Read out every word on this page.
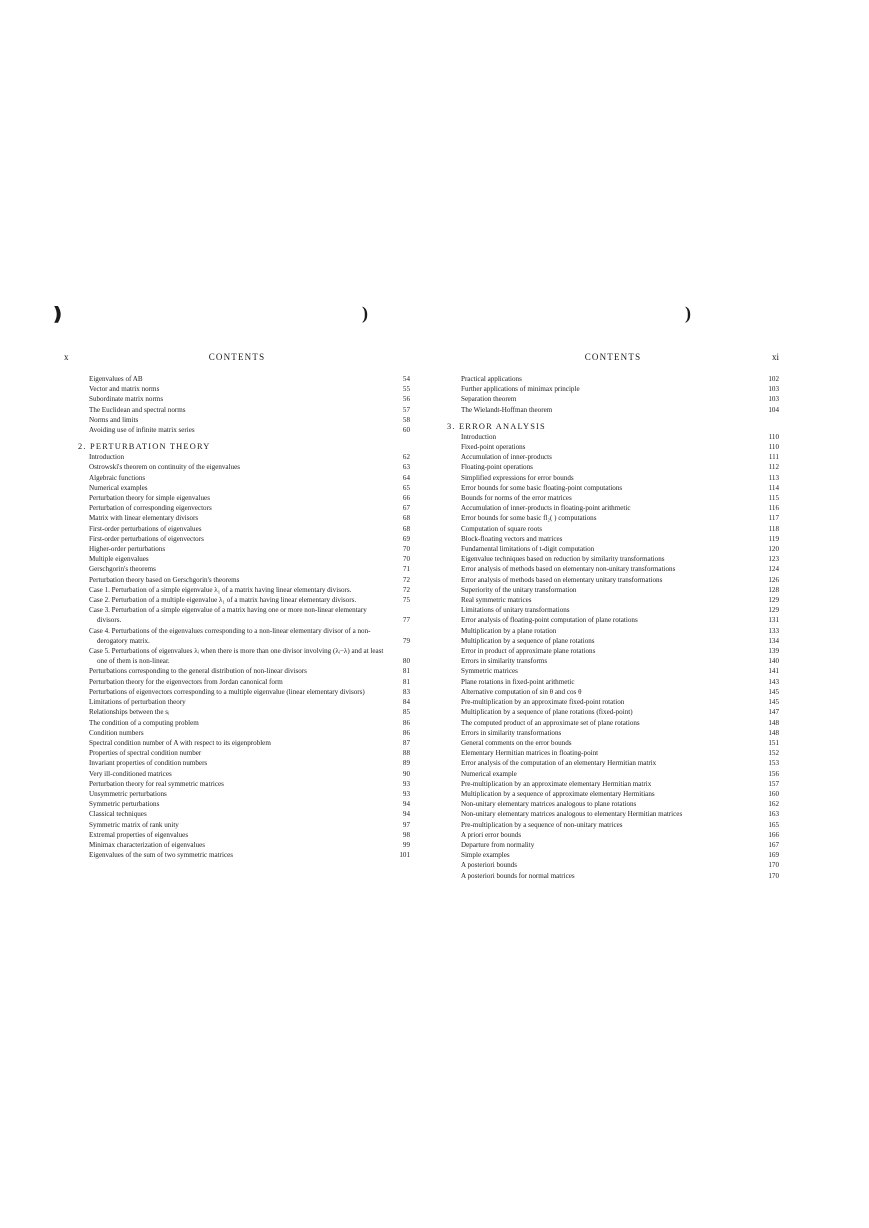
❫	)	)
x	CONTENTS
Eigenvalues of AB	54
Vector and matrix norms	55
Subordinate matrix norms	56
The Euclidean and spectral norms	57
Norms and limits	58
Avoiding use of infinite matrix series	60
2. PERTURBATION THEORY
Introduction	62
Ostrowski's theorem on continuity of the eigenvalues	63
Algebraic functions	64
Numerical examples	65
Perturbation theory for simple eigenvalues	66
Perturbation of corresponding eigenvectors	67
Matrix with linear elementary divisors	68
First-order perturbations of eigenvalues	68
First-order perturbations of eigenvectors	69
Higher-order perturbations	70
Multiple eigenvalues	70
Gerschgorin's theorems	71
Perturbation theory based on Gerschgorin's theorems	72
Case 1. Perturbation of a simple eigenvalue λ₁ of a matrix having linear elementary divisors.	72
Case 2. Perturbation of a multiple eigenvalue λ₁ of a matrix having linear elementary divisors.	75
Case 3. Perturbation of a simple eigenvalue of a matrix having one or more non-linear elementary divisors.	77
Case 4. Perturbations of the eigenvalues corresponding to a non-linear elementary divisor of a non-derogatory matrix.	79
Case 5. Perturbations of eigenvalues λᵢ when there is more than one divisor involving (λᵢ−λ) and at least one of them is non-linear.	80
Perturbations corresponding to the general distribution of non-linear divisors	81
Perturbation theory for the eigenvectors from Jordan canonical form	81
Perturbations of eigenvectors corresponding to a multiple eigenvalue (linear elementary divisors)	83
Limitations of perturbation theory	84
Relationships between the sᵢ	85
The condition of a computing problem	86
Condition numbers	86
Spectral condition number of A with respect to its eigenproblem	87
Properties of spectral condition number	88
Invariant properties of condition numbers	89
Very ill-conditioned matrices	90
Perturbation theory for real symmetric matrices	93
Unsymmetric perturbations	93
Symmetric perturbations	94
Classical techniques	94
Symmetric matrix of rank unity	97
Extremal properties of eigenvalues	98
Minimax characterization of eigenvalues	99
Eigenvalues of the sum of two symmetric matrices	101
CONTENTS	xi
Practical applications	102
Further applications of minimax principle	103
Separation theorem	103
The Wielandt-Hoffman theorem	104
3. ERROR ANALYSIS
Introduction	110
Fixed-point operations	110
Accumulation of inner-products	111
Floating-point operations	112
Simplified expressions for error bounds	113
Error bounds for some basic floating-point computations	114
Bounds for norms of the error matrices	115
Accumulation of inner-products in floating-point arithmetic	116
Error bounds for some basic fl₂( ) computations	117
Computation of square roots	118
Block-floating vectors and matrices	119
Fundamental limitations of t-digit computation	120
Eigenvalue techniques based on reduction by similarity transformations	123
Error analysis of methods based on elementary non-unitary transformations	124
Error analysis of methods based on elementary unitary transformations	126
Superiority of the unitary transformation	128
Real symmetric matrices	129
Limitations of unitary transformations	129
Error analysis of floating-point computation of plane rotations	131
Multiplication by a plane rotation	133
Multiplication by a sequence of plane rotations	134
Error in product of approximate plane rotations	139
Errors in similarity transforms	140
Symmetric matrices	141
Plane rotations in fixed-point arithmetic	143
Alternative computation of sin θ and cos θ	145
Pre-multiplication by an approximate fixed-point rotation	145
Multiplication by a sequence of plane rotations (fixed-point)	147
The computed product of an approximate set of plane rotations	148
Errors in similarity transformations	148
General comments on the error bounds	151
Elementary Hermitian matrices in floating-point	152
Error analysis of the computation of an elementary Hermitian matrix	153
Numerical example	156
Pre-multiplication by an approximate elementary Hermitian matrix	157
Multiplication by a sequence of approximate elementary Hermitians	160
Non-unitary elementary matrices analogous to plane rotations	162
Non-unitary elementary matrices analogous to elementary Hermitian matrices	163
Pre-multiplication by a sequence of non-unitary matrices	165
A priori error bounds	166
Departure from normality	167
Simple examples	169
A posteriori bounds	170
A posteriori bounds for normal matrices	170
